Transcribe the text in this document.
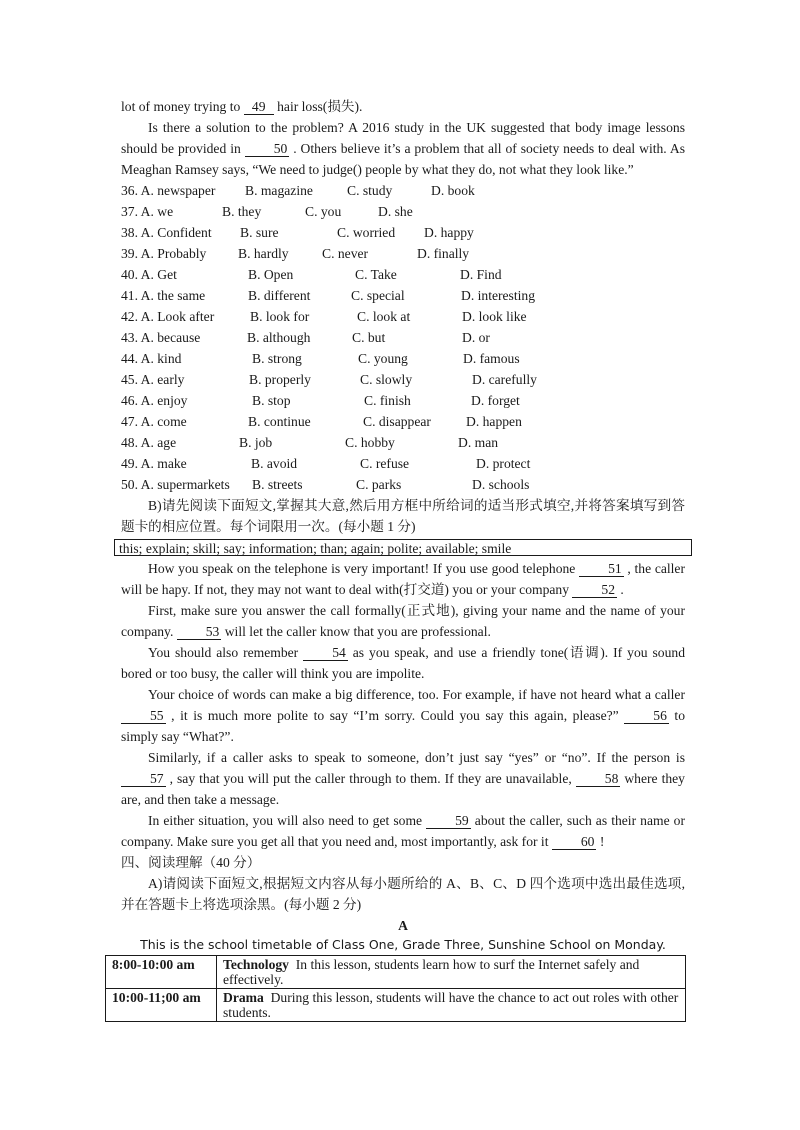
lot of money trying to 49 hair loss(损失).
Is there a solution to the problem? A 2016 study in the UK suggested that body image lessons should be provided in 50 . Others believe it’s a problem that all of society needs to deal with. As Meaghan Ramsey says, “We need to judge() people by what they do, not what they look like.”
36. A. newspaper	B. magazine	C. study	D. book
37. A. we	B. they	C. you	D. she
38. A. Confident	B. sure	C. worried	D. happy
39. A. Probably	B. hardly	C. never	D. finally
40. A. Get	B. Open	C. Take	D. Find
41. A. the same	B. different	C. special	D. interesting
42. A. Look after	B. look for	C. look at	D. look like
43. A. because	B. although	C. but	D. or
44. A. kind	B. strong	C. young	D. famous
45. A. early	B. properly	C. slowly	D. carefully
46. A. enjoy	B. stop	C. finish	D. forget
47. A. come	B. continue	C. disappear	D. happen
48. A. age	B. job	C. hobby	D. man
49. A. make	B. avoid	C. refuse	D. protect
50. A. supermarkets	B. streets	C. parks	D. schools
B)请先阅读下面短文,掌握其大意,然后用方框中所给词的适当形式填空,并将答案填写到答题卡的相应位置。每个词限用一次。(每小题 1 分)
this; explain; skill; say; information; than; again; polite; available; smile
How you speak on the telephone is very important! If you use good telephone 51 , the caller will be hapy. If not, they may not want to deal with(打交道) you or your company 52 .
First, make sure you answer the call formally(正式地), giving your name and the name of your company. 53 will let the caller know that you are professional.
You should also remember 54 as you speak, and use a friendly tone(语调). If you sound bored or too busy, the caller will think you are impolite.
Your choice of words can make a big difference, too. For example, if have not heard what a caller 55 , it is much more polite to say “I’m sorry. Could you say this again, please?” 56 to simply say “What?”.
Similarly, if a caller asks to speak to someone, don’t just say “yes” or “no”. If the person is 57 , say that you will put the caller through to them. If they are unavailable, 58 where they are, and then take a message.
In either situation, you will also need to get some 59 about the caller, such as their name or company. Make sure you get all that you need and, most importantly, ask for it 60 !
四、阅读理解（40 分）
A)请阅读下面短文,根据短文内容从每小题所给的 A、B、C、D 四个选项中选出最佳选项,并在答题卡上将选项涂黑。(每小题 2 分)
A
This is the school timetable of Class One, Grade Three, Sunshine School on Monday.
8:00-10:00 am	Technology  In this lesson, students learn how to surf the Internet safely and effectively.
10:00-11;00 am	Drama  During this lesson, students will have the chance to act out roles with other students.
